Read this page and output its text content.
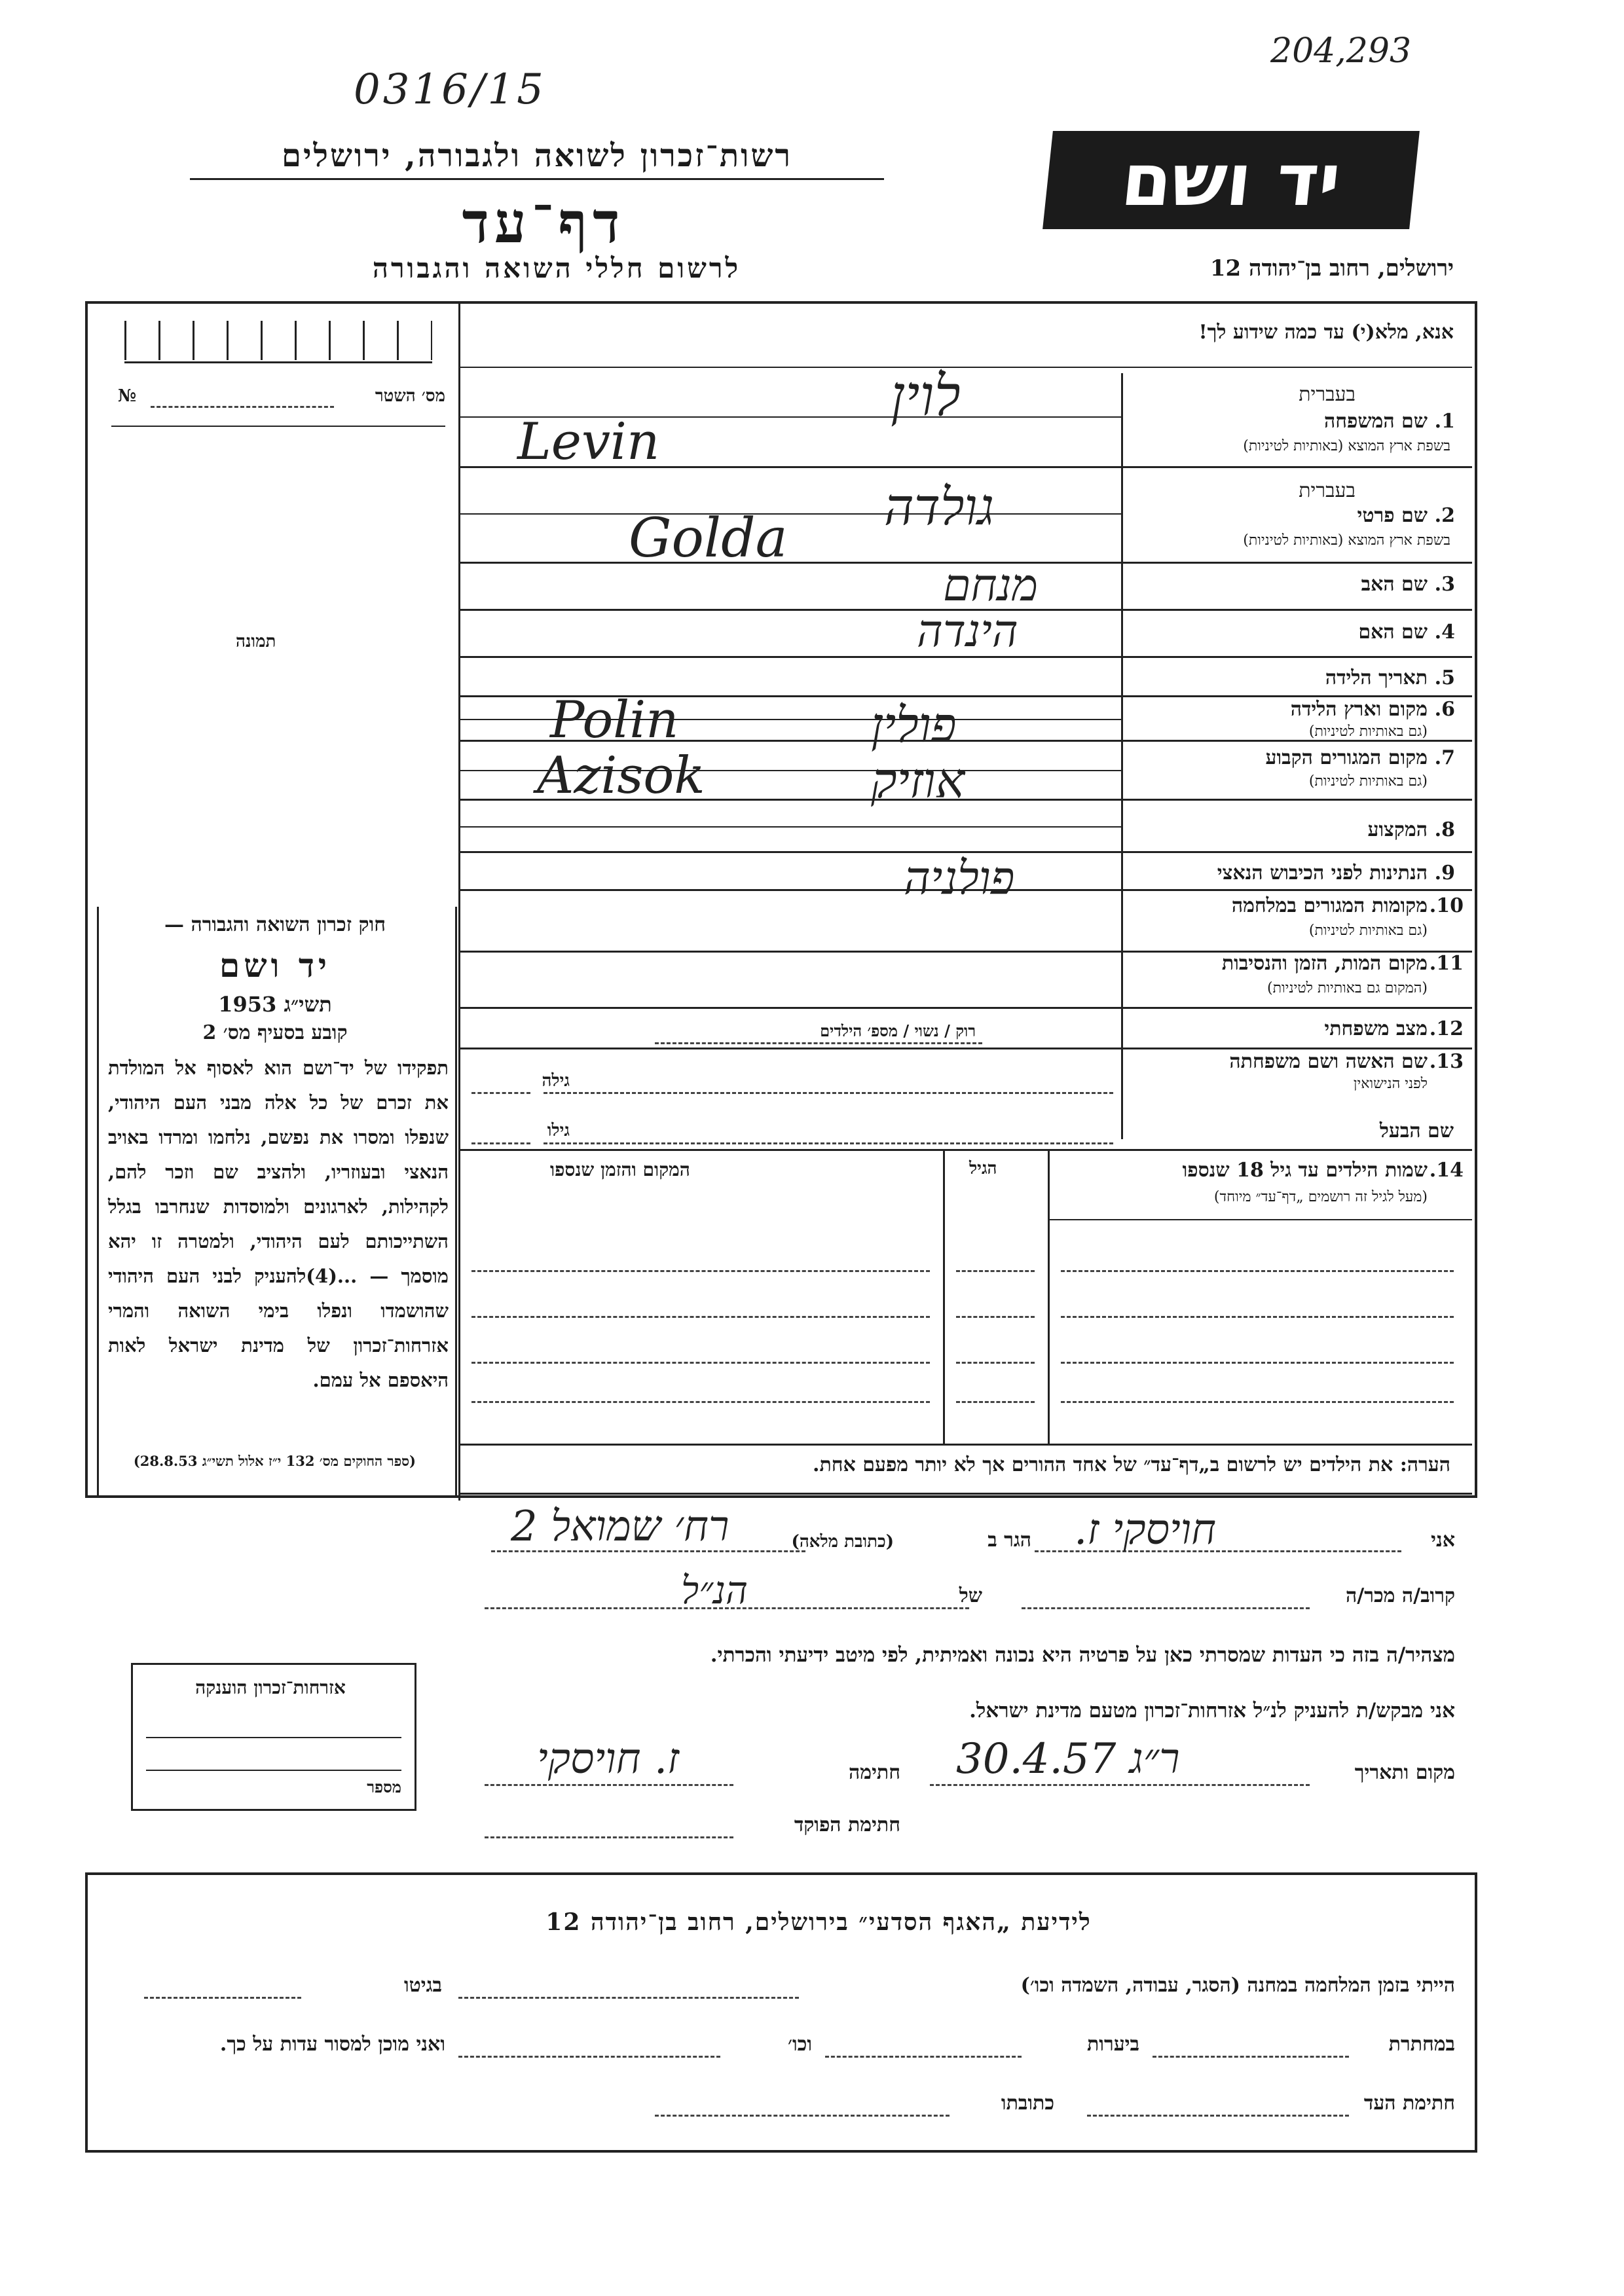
0316/15
204,293
רשות־זכרון לשואה ולגבורה, ירושלים
דף־עד
לרשום חללי השואה והגבורה
יד ושם
ירושלים, רחוב בן־יהודה 12
אנא, מלא(י) עד כמה שידוע לך!
מס׳ השטר
№
תמונה
חוק זכרון השואה והגבורה —
יד ושם
תשי״ג 1953
קובע בסעיף מס׳ 2
תפקידו של יד־ושם הוא לאסוף אל המולדת את זכרם של כל אלה מבני העם היהודי, שנפלו ומסרו את נפשם, נלחמו ומרדו באויב הנאצי ובעוזריו, ולהציב שם וזכר להם, לקהילות, לארגונים ולמוסדות שנחרבו בגלל השתייכותם לעם היהודי, ולמטרה זו יהא מוסמך — ...(4)להעניק לבני העם היהודי שהושמדו ונפלו בימי השואה והמרי אזרחות־זכרון של מדינת ישראל לאות היאספם אל עמם.
(ספר החוקים מס׳ 132 י״ז אלול תשי״ג 28.8.53)
1.
שם המשפחה
בעברית
בשפת ארץ המוצא (באותיות לטיניות)
2.
שם פרטי
בעברית
בשפת ארץ המוצא (באותיות לטיניות)
3.
שם האב
4.
שם האם
5.
תאריך הלידה
6.
מקום וארץ הלידה
(גם באותיות לטיניות)
7.
מקום המגורים הקבוע
(גם באותיות לטיניות)
8.
המקצוע
9.
הנתינות לפני הכיבוש הנאצי
10.
מקומות המגורים במלחמה
(גם באותיות לטיניות)
11.
מקום המות, הזמן והנסיבות
(המקום גם באותיות לטיניות)
12.
מצב משפחתי
רוק / נשוי / מספ׳ הילדים
13.
שם האשה ושם משפחתה
לפני הנישואין
גילה
שם הבעל
גילו
לוין
Levin
גולדה
Golda
מנחם
הינדה
פולין
Polin
אוזיק
Azisok
פולניה
14.
שמות הילדים עד גיל 18 שנספו
(מעל לגיל זה רושמים „דף־עד״ מיוחד)
הגיל
המקום והזמן שנספו
הערה: את הילדים יש לרשום ב„דף־עד״ של אחד ההורים אך לא יותר מפעם אחת.
אני
חויסקי ז.
הגר ב
(כתובת מלאה)
רח׳ שמואל 2
קרוב/ה מכר/ה
של
הנ״ל
מצהיר/ה בזה כי העדות שמסרתי כאן על פרטיה היא נכונה ואמיתית, לפי מיטב ידיעתי והכרתי.
אני מבקש/ת להעניק לנ״ל אזרחות־זכרון מטעם מדינת ישראל.
מקום ותאריך
ר״ג 30.4.57
חתימה
ז. חויסקי
חתימת הפוקד
אזרחות־זכרון הוענקה
מספר
לידיעת „האגף הסדעי״ בירושלים, רחוב בן־יהודה 12
הייתי בזמן המלחמה במחנה (הסגר, עבודה, השמדה וכו׳)
בגיטו
במחתרת
ביערות
וכו׳
ואני מוכן למסור עדות על כך.
חתימת העד
כתובתו
